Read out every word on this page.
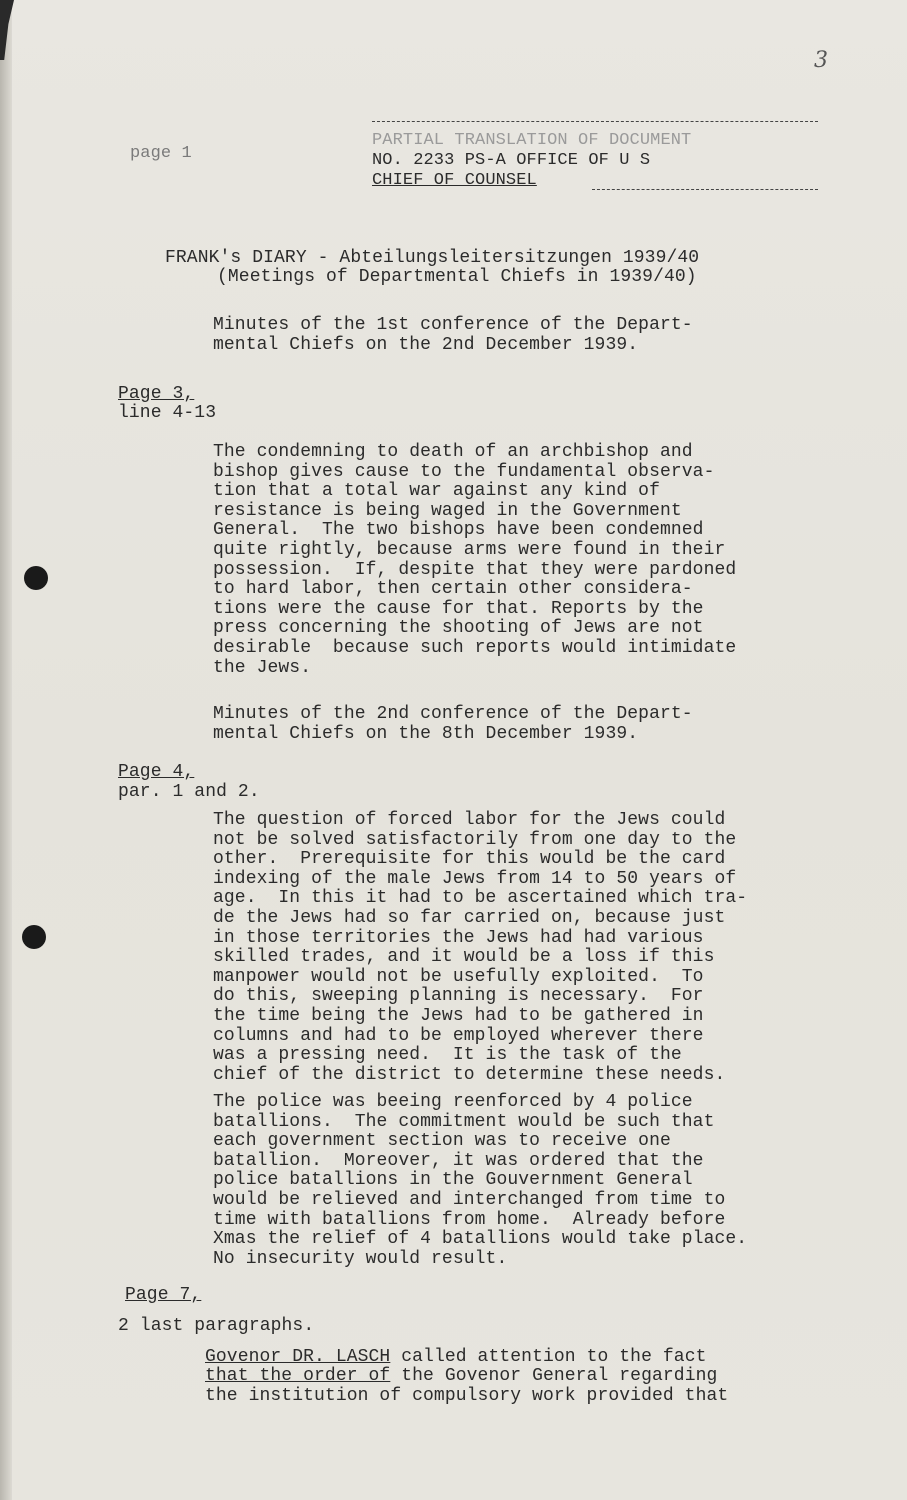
3
page 1
PARTIAL TRANSLATION OF DOCUMENT
NO. 2233 PS-A OFFICE OF U S
CHIEF OF COUNSEL
FRANK's DIARY - Abteilungsleitersitzungen 1939/40
(Meetings of Departmental Chiefs in 1939/40)
Minutes of the 1st conference of the Depart-
mental Chiefs on the 2nd December 1939.
Page 3,
line 4-13
The condemning to death of an archbishop and
bishop gives cause to the fundamental observa-
tion that a total war against any kind of
resistance is being waged in the Government
General.  The two bishops have been condemned
quite rightly, because arms were found in their
possession.  If, despite that they were pardoned
to hard labor, then certain other considera-
tions were the cause for that. Reports by the
press concerning the shooting of Jews are not
desirable  because such reports would intimidate
the Jews.
Minutes of the 2nd conference of the Depart-
mental Chiefs on the 8th December 1939.
Page 4,
par. 1 and 2.
The question of forced labor for the Jews could
not be solved satisfactorily from one day to the
other.  Prerequisite for this would be the card
indexing of the male Jews from 14 to 50 years of
age.  In this it had to be ascertained which tra-
de the Jews had so far carried on, because just
in those territories the Jews had had various
skilled trades, and it would be a loss if this
manpower would not be usefully exploited.  To
do this, sweeping planning is necessary.  For
the time being the Jews had to be gathered in
columns and had to be employed wherever there
was a pressing need.  It is the task of the
chief of the district to determine these needs.
The police was beeing reenforced by 4 police
batallions.  The commitment would be such that
each government section was to receive one
batallion.  Moreover, it was ordered that the
police batallions in the Gouvernment General
would be relieved and interchanged from time to
time with batallions from home.  Already before
Xmas the relief of 4 batallions would take place.
No insecurity would result.
Page 7,
2 last paragraphs.
Govenor DR. LASCH called attention to the fact
that the order of the Govenor General regarding
the institution of compulsory work provided that
